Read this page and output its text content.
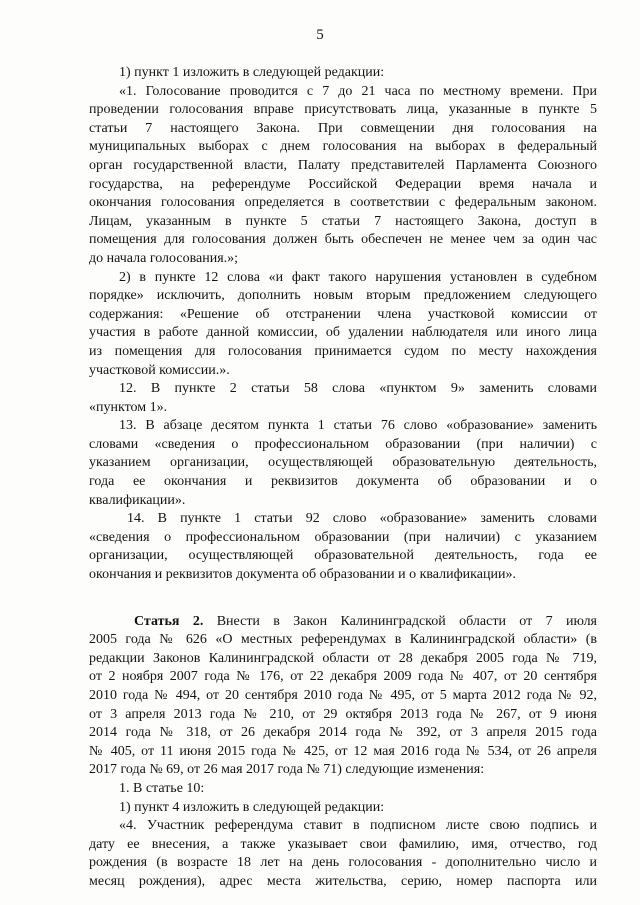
5
1) пункт 1 изложить в следующей редакции:
«1. Голосование проводится с 7 до 21 часа по местному времени. При
проведении голосования вправе присутствовать лица, указанные в пункте 5
статьи 7 настоящего Закона. При совмещении дня голосования на
муниципальных выборах с днем голосования на выборах в федеральный
орган государственной власти, Палату представителей Парламента Союзного
государства, на референдуме Российской Федерации время начала и
окончания голосования определяется в соответствии с федеральным законом.
Лицам, указанным в пункте 5 статьи 7 настоящего Закона, доступ в
помещения для голосования должен быть обеспечен не менее чем за один час
до начала голосования.»;
2) в пункте 12 слова «и факт такого нарушения установлен в судебном
порядке» исключить, дополнить новым вторым предложением следующего
содержания: «Решение об отстранении члена участковой комиссии от
участия в работе данной комиссии, об удалении наблюдателя или иного лица
из помещения для голосования принимается судом по месту нахождения
участковой комиссии.».
12. В пункте 2 статьи 58 слова «пунктом 9» заменить словами
«пунктом 1».
13. В абзаце десятом пункта 1 статьи 76 слово «образование» заменить
словами «сведения о профессиональном образовании (при наличии) с
указанием организации, осуществляющей образовательную деятельность,
года ее окончания и реквизитов документа об образовании и о
квалификации».
14. В пункте 1 статьи 92 слово «образование» заменить словами
«сведения о профессиональном образовании (при наличии) с указанием
организации, осуществляющей образовательной деятельность, года ее
окончания и реквизитов документа об образовании и о квалификации».
Статья 2. Внести в Закон Калининградской области от 7 июля
2005 года № 626 «О местных референдумах в Калининградской области» (в
редакции Законов Калининградской области от 28 декабря 2005 года № 719,
от 2 ноября 2007 года № 176, от 22 декабря 2009 года № 407, от 20 сентября
2010 года № 494, от 20 сентября 2010 года № 495, от 5 марта 2012 года № 92,
от 3 апреля 2013 года № 210, от 29 октября 2013 года № 267, от 9 июня
2014 года № 318, от 26 декабря 2014 года № 392, от 3 апреля 2015 года
№ 405, от 11 июня 2015 года № 425, от 12 мая 2016 года № 534, от 26 апреля
2017 года № 69, от 26 мая 2017 года № 71) следующие изменения:
1. В статье 10:
1) пункт 4 изложить в следующей редакции:
«4. Участник референдума ставит в подписном листе свою подпись и
дату ее внесения, а также указывает свои фамилию, имя, отчество, год
рождения (в возрасте 18 лет на день голосования - дополнительно число и
месяц рождения), адрес места жительства, серию, номер паспорта или
